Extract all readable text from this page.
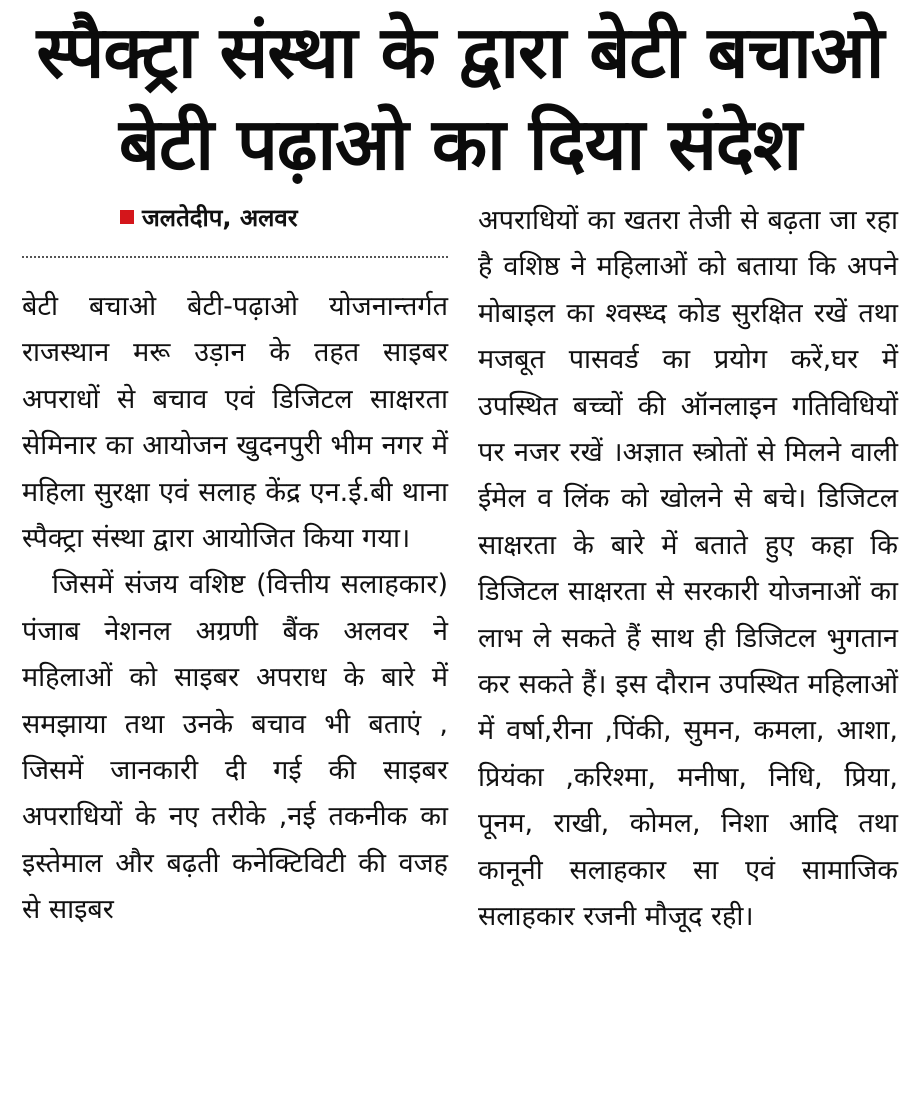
स्पैक्ट्रा संस्था के द्वारा बेटी बचाओ
बेटी पढ़ाओ का दिया संदेश
जलतेदीप, अलवर

बेटी बचाओ बेटी-पढ़ाओ योजनान्तर्गत राजस्थान मरू उड़ान के तहत साइबर अपराधों से बचाव एवं डिजिटल साक्षरता सेमिनार का आयोजन खुदनपुरी भीम नगर में महिला सुरक्षा एवं सलाह केंद्र एन.ई.बी थाना स्पैक्ट्रा संस्था द्वारा आयोजित किया गया।

जिसमें संजय वशिष्ट (वित्तीय सलाहकार) पंजाब नेशनल अग्रणी बैंक अलवर ने महिलाओं को साइबर अपराध के बारे में समझाया तथा उनके बचाव भी बताएं , जिसमें जानकारी दी गई की साइबर अपराधियों के नए तरीके ,नई तकनीक का इस्तेमाल और बढ़ती कनेक्टिविटी की वजह से साइबर

अपराधियों का खतरा तेजी से बढ़ता जा रहा है वशिष्ठ ने महिलाओं को बताया कि अपने मोबाइल का श्वस्ध्द कोड सुरक्षित रखें तथा मजबूत पासवर्ड का प्रयोग करें,घर में उपस्थित बच्चों की ऑनलाइन गतिविधियों पर नजर रखें ।अज्ञात स्त्रोतों से मिलने वाली ईमेल व लिंक को खोलने से बचे। डिजिटल साक्षरता के बारे में बताते हुए कहा कि डिजिटल साक्षरता से सरकारी योजनाओं का लाभ ले सकते हैं साथ ही डिजिटल भुगतान कर सकते हैं। इस दौरान उपस्थित महिलाओं में वर्षा,रीना ,पिंकी, सुमन, कमला, आशा, प्रियंका ,करिश्मा, मनीषा, निधि, प्रिया, पूनम, राखी, कोमल, निशा आदि तथा कानूनी सलाहकार सा एवं सामाजिक सलाहकार रजनी मौजूद रही।
